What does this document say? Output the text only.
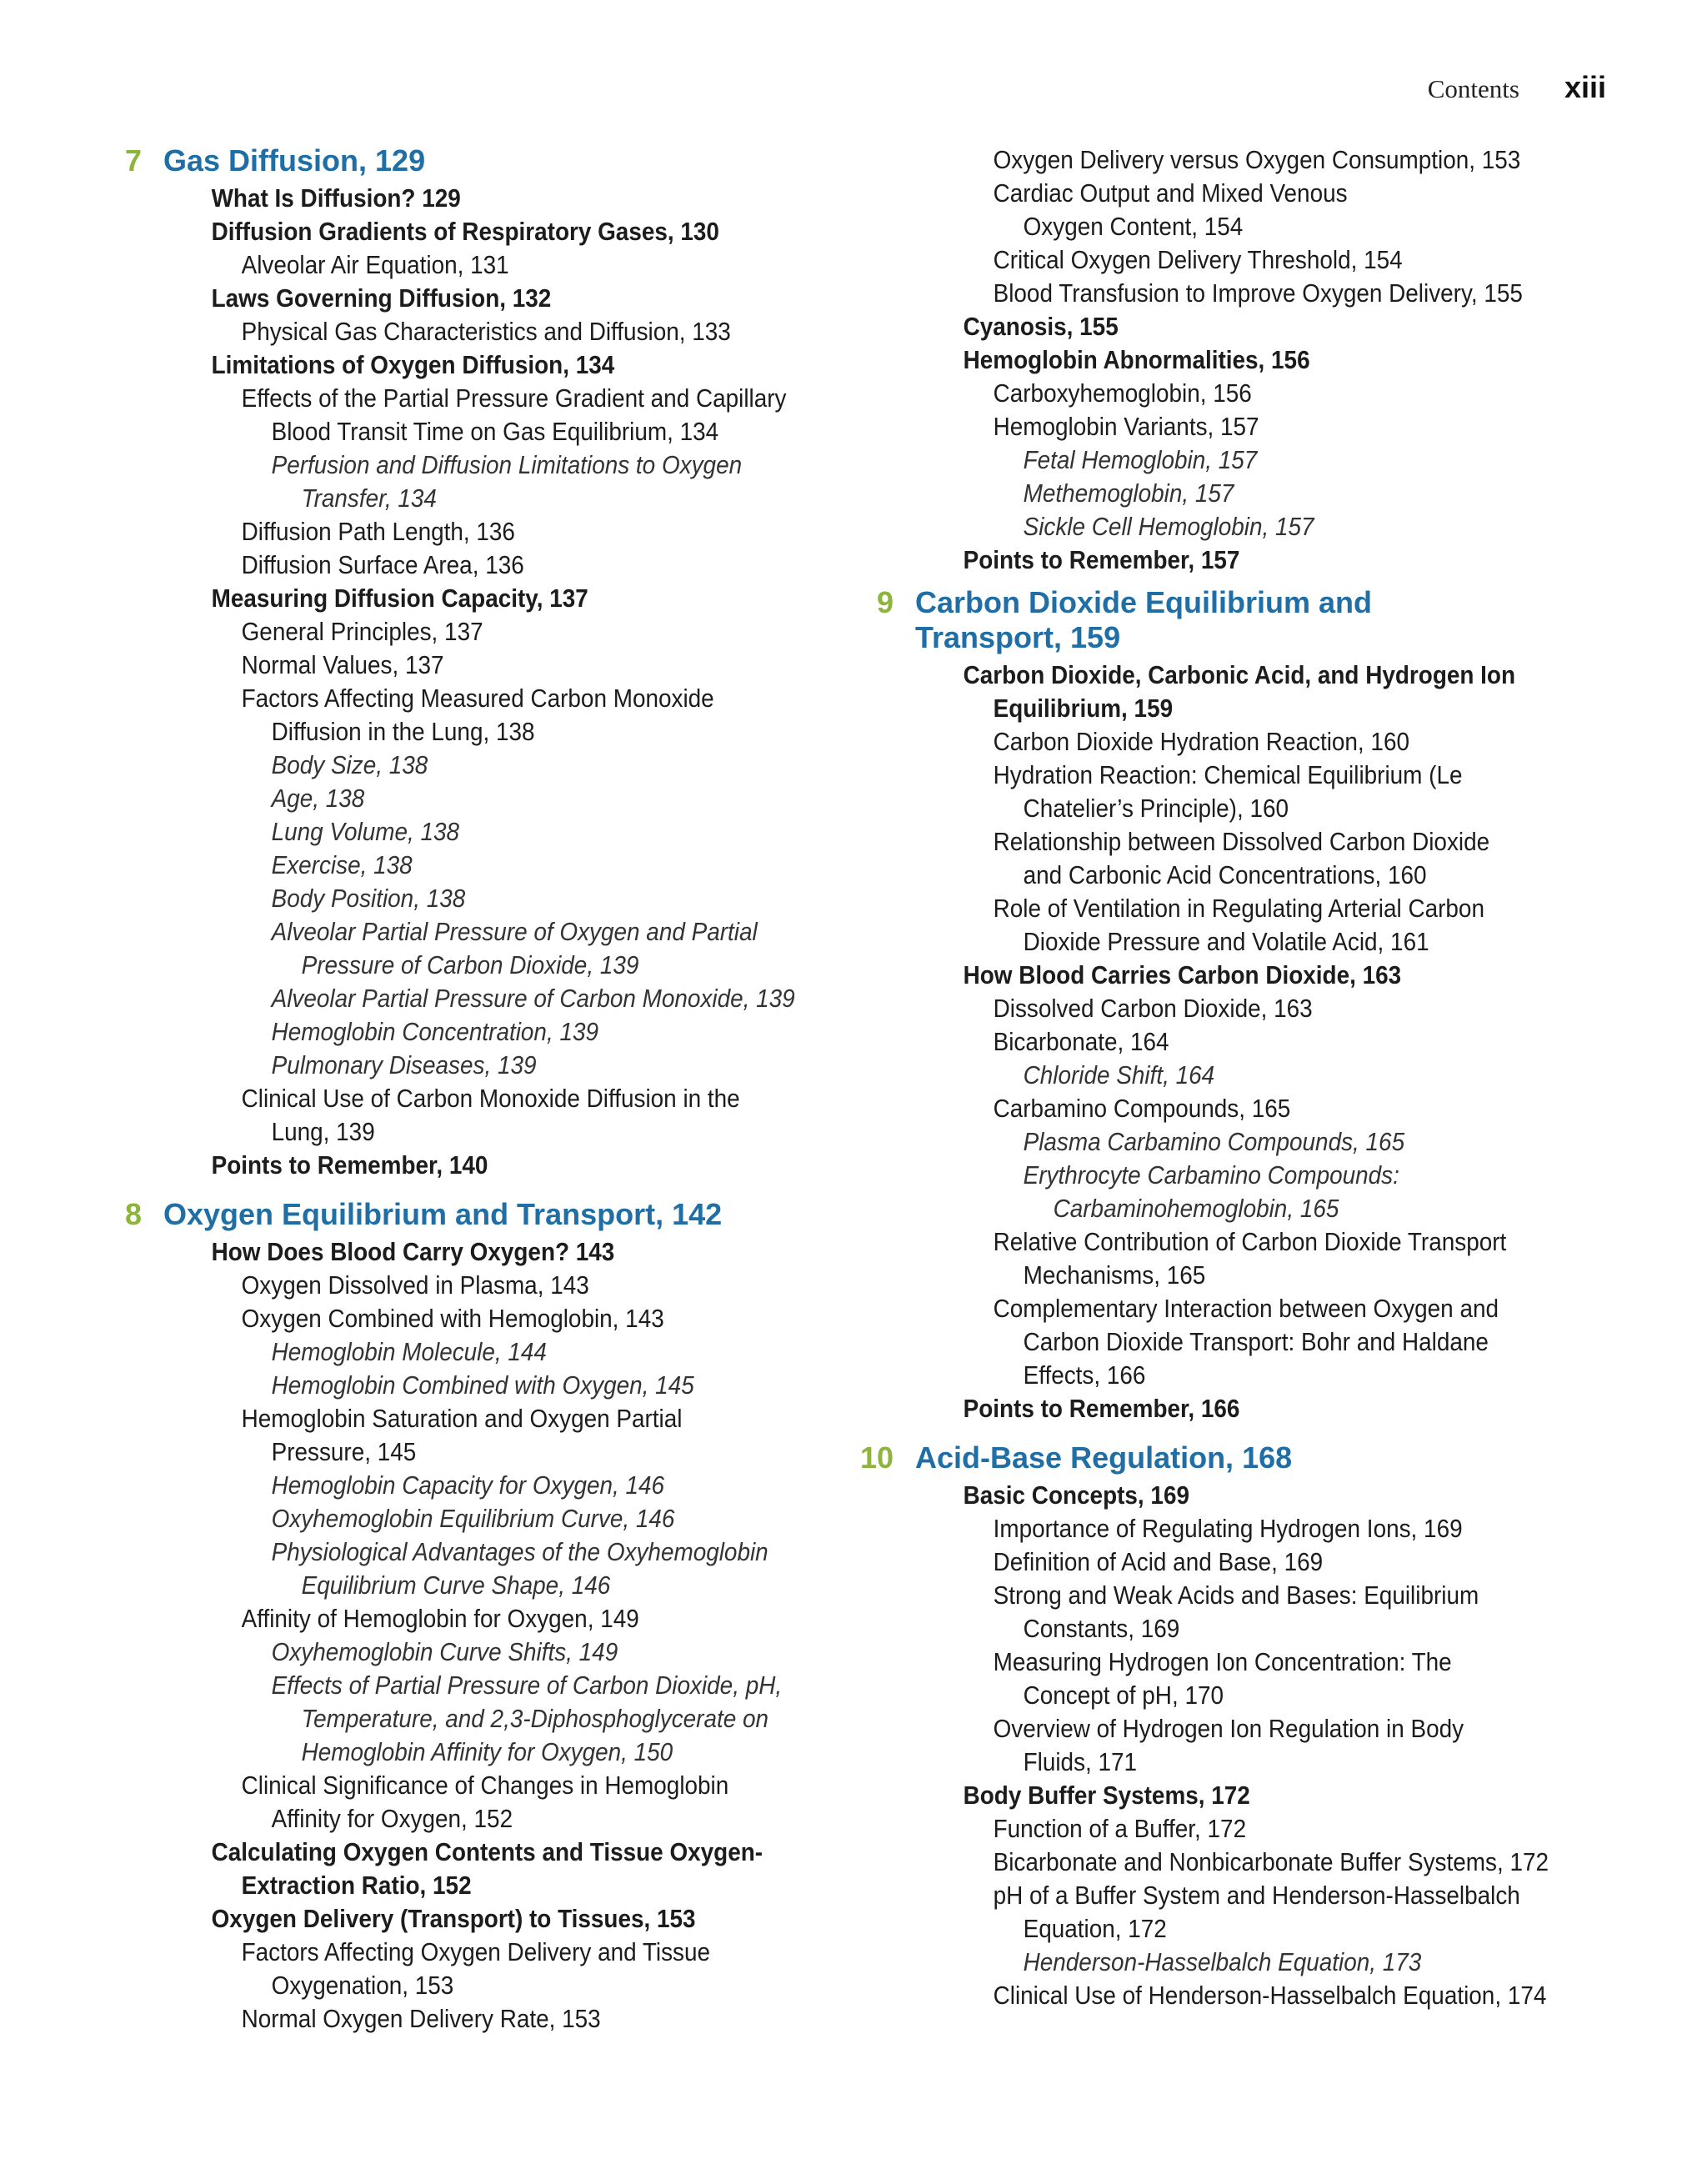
Contents xiii
7 Gas Diffusion, 129
What Is Diffusion? 129
Diffusion Gradients of Respiratory Gases, 130
Alveolar Air Equation, 131
Laws Governing Diffusion, 132
Physical Gas Characteristics and Diffusion, 133
Limitations of Oxygen Diffusion, 134
Effects of the Partial Pressure Gradient and Capillary
Blood Transit Time on Gas Equilibrium, 134
Perfusion and Diffusion Limitations to Oxygen
Transfer, 134
Diffusion Path Length, 136
Diffusion Surface Area, 136
Measuring Diffusion Capacity, 137
General Principles, 137
Normal Values, 137
Factors Affecting Measured Carbon Monoxide
Diffusion in the Lung, 138
Body Size, 138
Age, 138
Lung Volume, 138
Exercise, 138
Body Position, 138
Alveolar Partial Pressure of Oxygen and Partial
Pressure of Carbon Dioxide, 139
Alveolar Partial Pressure of Carbon Monoxide, 139
Hemoglobin Concentration, 139
Pulmonary Diseases, 139
Clinical Use of Carbon Monoxide Diffusion in the
Lung, 139
Points to Remember, 140
8 Oxygen Equilibrium and Transport, 142
How Does Blood Carry Oxygen? 143
Oxygen Dissolved in Plasma, 143
Oxygen Combined with Hemoglobin, 143
Hemoglobin Molecule, 144
Hemoglobin Combined with Oxygen, 145
Hemoglobin Saturation and Oxygen Partial
Pressure, 145
Hemoglobin Capacity for Oxygen, 146
Oxyhemoglobin Equilibrium Curve, 146
Physiological Advantages of the Oxyhemoglobin
Equilibrium Curve Shape, 146
Affinity of Hemoglobin for Oxygen, 149
Oxyhemoglobin Curve Shifts, 149
Effects of Partial Pressure of Carbon Dioxide, pH,
Temperature, and 2,3-Diphosphoglycerate on
Hemoglobin Affinity for Oxygen, 150
Clinical Significance of Changes in Hemoglobin
Affinity for Oxygen, 152
Calculating Oxygen Contents and Tissue Oxygen-
Extraction Ratio, 152
Oxygen Delivery (Transport) to Tissues, 153
Factors Affecting Oxygen Delivery and Tissue
Oxygenation, 153
Normal Oxygen Delivery Rate, 153
Oxygen Delivery versus Oxygen Consumption, 153
Cardiac Output and Mixed Venous
Oxygen Content, 154
Critical Oxygen Delivery Threshold, 154
Blood Transfusion to Improve Oxygen Delivery, 155
Cyanosis, 155
Hemoglobin Abnormalities, 156
Carboxyhemoglobin, 156
Hemoglobin Variants, 157
Fetal Hemoglobin, 157
Methemoglobin, 157
Sickle Cell Hemoglobin, 157
Points to Remember, 157
9 Carbon Dioxide Equilibrium and
Transport, 159
Carbon Dioxide, Carbonic Acid, and Hydrogen Ion
Equilibrium, 159
Carbon Dioxide Hydration Reaction, 160
Hydration Reaction: Chemical Equilibrium (Le
Chatelier’s Principle), 160
Relationship between Dissolved Carbon Dioxide
and Carbonic Acid Concentrations, 160
Role of Ventilation in Regulating Arterial Carbon
Dioxide Pressure and Volatile Acid, 161
How Blood Carries Carbon Dioxide, 163
Dissolved Carbon Dioxide, 163
Bicarbonate, 164
Chloride Shift, 164
Carbamino Compounds, 165
Plasma Carbamino Compounds, 165
Erythrocyte Carbamino Compounds:
Carbaminohemoglobin, 165
Relative Contribution of Carbon Dioxide Transport
Mechanisms, 165
Complementary Interaction between Oxygen and
Carbon Dioxide Transport: Bohr and Haldane
Effects, 166
Points to Remember, 166
10 Acid-Base Regulation, 168
Basic Concepts, 169
Importance of Regulating Hydrogen Ions, 169
Definition of Acid and Base, 169
Strong and Weak Acids and Bases: Equilibrium
Constants, 169
Measuring Hydrogen Ion Concentration: The
Concept of pH, 170
Overview of Hydrogen Ion Regulation in Body
Fluids, 171
Body Buffer Systems, 172
Function of a Buffer, 172
Bicarbonate and Nonbicarbonate Buffer Systems, 172
pH of a Buffer System and Henderson-Hasselbalch
Equation, 172
Henderson-Hasselbalch Equation, 173
Clinical Use of Henderson-Hasselbalch Equation, 174
